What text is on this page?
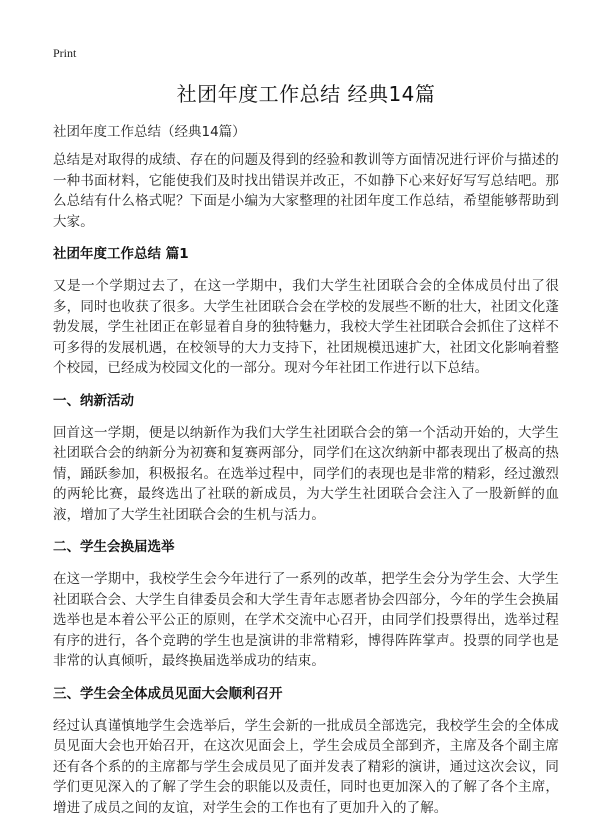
Print
社团年度工作总结 经典14篇

社团年度工作总结（经典14篇）

总结是对取得的成绩、存在的问题及得到的经验和教训等方面情况进行评价与描述的一种书面材料，它能使我们及时找出错误并改正，不如静下心来好好写写总结吧。那么总结有什么格式呢？下面是小编为大家整理的社团年度工作总结，希望能够帮助到大家。

社团年度工作总结 篇1

又是一个学期过去了，在这一学期中，我们大学生社团联合会的全体成员付出了很多，同时也收获了很多。大学生社团联合会在学校的发展些不断的壮大，社团文化蓬勃发展，学生社团正在彰显着自身的独特魅力，我校大学生社团联合会抓住了这样不可多得的发展机遇，在校领导的大力支持下，社团规模迅速扩大，社团文化影响着整个校园，已经成为校园文化的一部分。现对今年社团工作进行以下总结。

一、纳新活动

回首这一学期，便是以纳新作为我们大学生社团联合会的第一个活动开始的，大学生社团联合会的纳新分为初赛和复赛两部分，同学们在这次纳新中都表现出了极高的热情，踊跃参加，积极报名。在选举过程中，同学们的表现也是非常的精彩，经过激烈的两轮比赛，最终选出了社联的新成员，为大学生社团联合会注入了一股新鲜的血液，增加了大学生社团联合会的生机与活力。

二、学生会换届选举

在这一学期中，我校学生会今年进行了一系列的改革，把学生会分为学生会、大学生社团联合会、大学生自律委员会和大学生青年志愿者协会四部分，今年的学生会换届选举也是本着公平公正的原则，在学术交流中心召开，由同学们投票得出，选举过程有序的进行，各个竞聘的学生也是演讲的非常精彩，博得阵阵掌声。投票的同学也是非常的认真倾听，最终换届选举成功的结束。

三、学生会全体成员见面大会顺利召开

经过认真谨慎地学生会选举后，学生会新的一批成员全部选完，我校学生会的全体成员见面大会也开始召开，在这次见面会上，学生会成员全部到齐，主席及各个副主席还有各个系的的主席都与学生会成员见了面并发表了精彩的演讲，通过这次会议，同学们更见深入的了解了学生会的职能以及责任，同时也更加深入的了解了各个主席，增进了成员之间的友谊，对学生会的工作也有了更加升入的了解。
